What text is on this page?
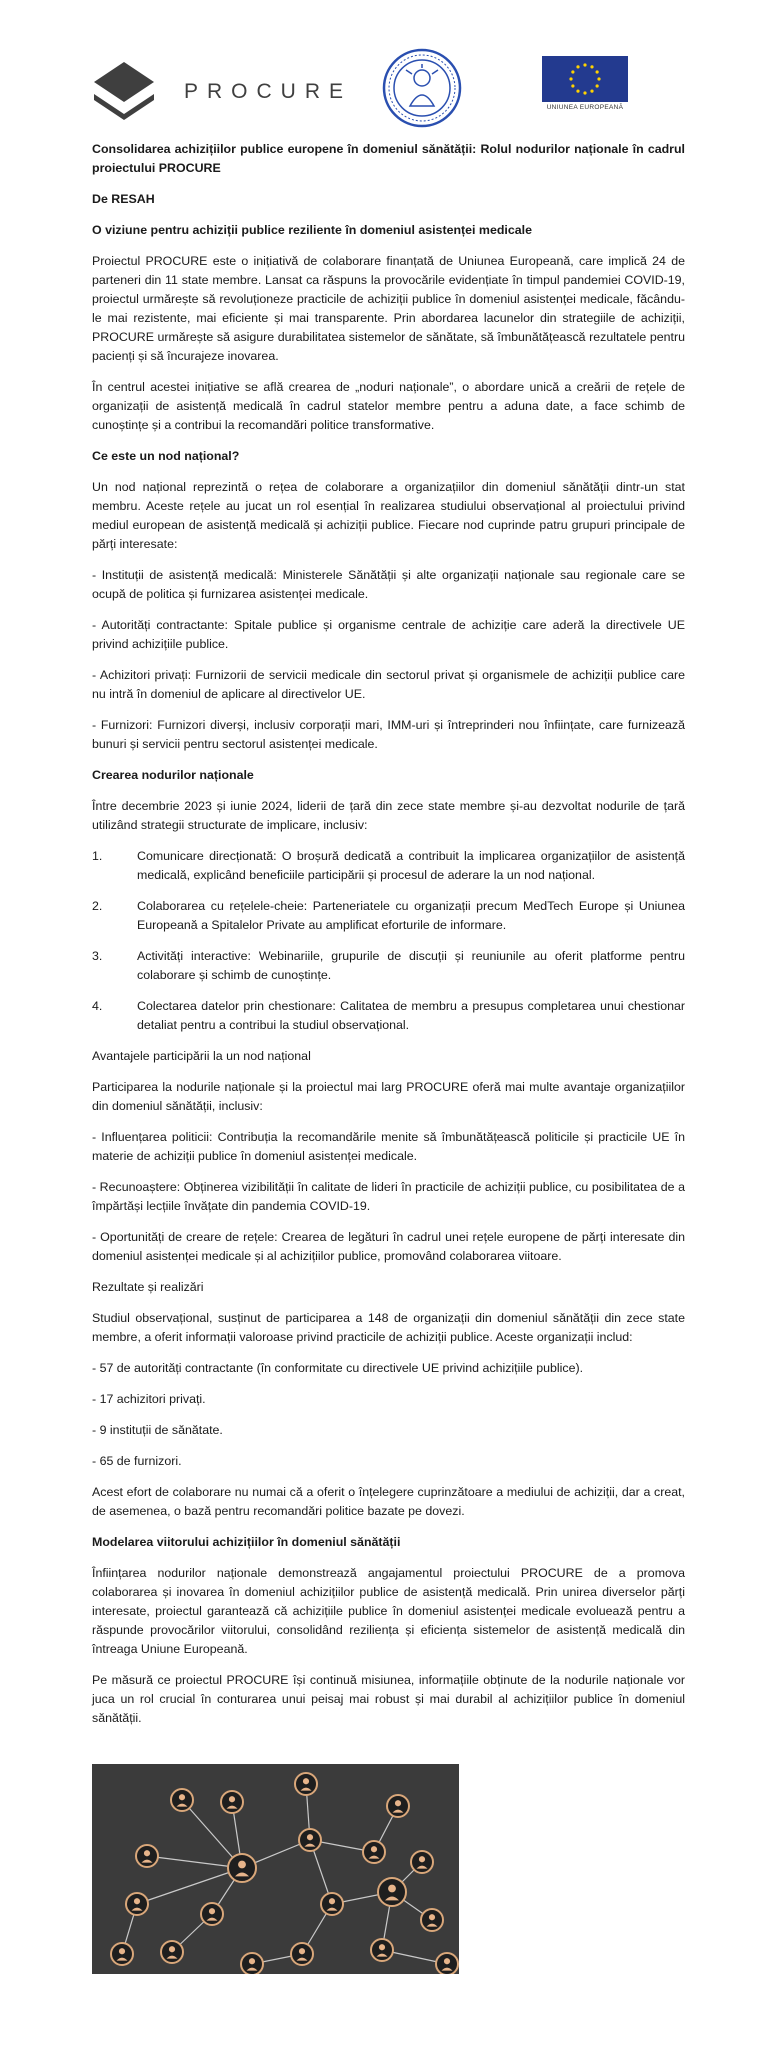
PROCURE
UNIUNEA EUROPEANĂ
Consolidarea achizițiilor publice europene în domeniul sănătății: Rolul nodurilor naționale în cadrul proiectului PROCURE
De RESAH
O viziune pentru achiziții publice reziliente în domeniul asistenței medicale

Proiectul PROCURE este o inițiativă de colaborare finanțată de Uniunea Europeană, care implică 24 de parteneri din 11 state membre. Lansat ca răspuns la provocările evidențiate în timpul pandemiei COVID-19, proiectul urmărește să revoluționeze practicile de achiziții publice în domeniul asistenței medicale, făcându-le mai rezistente, mai eficiente și mai transparente. Prin abordarea lacunelor din strategiile de achiziții, PROCURE urmărește să asigure durabilitatea sistemelor de sănătate, să îmbunătățească rezultatele pentru pacienți și să încurajeze inovarea.

În centrul acestei inițiative se află crearea de „noduri naționale”, o abordare unică a creării de rețele de organizații de asistență medicală în cadrul statelor membre pentru a aduna date, a face schimb de cunoștințe și a contribui la recomandări politice transformative.

Ce este un nod național?

Un nod național reprezintă o rețea de colaborare a organizațiilor din domeniul sănătății dintr-un stat membru. Aceste rețele au jucat un rol esențial în realizarea studiului observațional al proiectului privind mediul european de asistență medicală și achiziții publice. Fiecare nod cuprinde patru grupuri principale de părți interesate:

- Instituții de asistență medicală: Ministerele Sănătății și alte organizații naționale sau regionale care se ocupă de politica și furnizarea asistenței medicale.

- Autorități contractante: Spitale publice și organisme centrale de achiziție care aderă la directivele UE privind achizițiile publice.

- Achizitori privați: Furnizorii de servicii medicale din sectorul privat și organismele de achiziții publice care nu intră în domeniul de aplicare al directivelor UE.

- Furnizori: Furnizori diverși, inclusiv corporații mari, IMM-uri și întreprinderi nou înființate, care furnizează bunuri și servicii pentru sectorul asistenței medicale.

Crearea nodurilor naționale

Între decembrie 2023 și iunie 2024, liderii de țară din zece state membre și-au dezvoltat nodurile de țară utilizând strategii structurate de implicare, inclusiv:

1.	Comunicare direcționată: O broșură dedicată a contribuit la implicarea organizațiilor de asistență medicală, explicând beneficiile participării și procesul de aderare la un nod național.

2.	Colaborarea cu rețelele-cheie: Parteneriatele cu organizații precum MedTech Europe și Uniunea Europeană a Spitalelor Private au amplificat eforturile de informare.

3.	Activități interactive: Webinariile, grupurile de discuții și reuniunile au oferit platforme pentru colaborare și schimb de cunoștințe.

4.	Colectarea datelor prin chestionare: Calitatea de membru a presupus completarea unui chestionar detaliat pentru a contribui la studiul observațional.

Avantajele participării la un nod național

Participarea la nodurile naționale și la proiectul mai larg PROCURE oferă mai multe avantaje organizațiilor din domeniul sănătății, inclusiv:

- Influențarea politicii: Contribuția la recomandările menite să îmbunătățească politicile și practicile UE în materie de achiziții publice în domeniul asistenței medicale.

- Recunoaștere: Obținerea vizibilității în calitate de lideri în practicile de achiziții publice, cu posibilitatea de a împărtăși lecțiile învățate din pandemia COVID-19.

- Oportunități de creare de rețele: Crearea de legături în cadrul unei rețele europene de părți interesate din domeniul asistenței medicale și al achizițiilor publice, promovând colaborarea viitoare.

Rezultate și realizări

Studiul observațional, susținut de participarea a 148 de organizații din domeniul sănătății din zece state membre, a oferit informații valoroase privind practicile de achiziții publice. Aceste organizații includ:

- 57 de autorități contractante (în conformitate cu directivele UE privind achizițiile publice).

- 17 achizitori privați.

- 9 instituții de sănătate.

- 65 de furnizori.

Acest efort de colaborare nu numai că a oferit o înțelegere cuprinzătoare a mediului de achiziții, dar a creat, de asemenea, o bază pentru recomandări politice bazate pe dovezi.

Modelarea viitorului achizițiilor în domeniul sănătății

Înființarea nodurilor naționale demonstrează angajamentul proiectului PROCURE de a promova colaborarea și inovarea în domeniul achizițiilor publice de asistență medicală. Prin unirea diverselor părți interesate, proiectul garantează că achizițiile publice în domeniul asistenței medicale evoluează pentru a răspunde provocărilor viitorului, consolidând reziliența și eficiența sistemelor de asistență medicală din întreaga Uniune Europeană.

Pe măsură ce proiectul PROCURE își continuă misiunea, informațiile obținute de la nodurile naționale vor juca un rol crucial în conturarea unui peisaj mai robust și mai durabil al achizițiilor publice în domeniul sănătății.
